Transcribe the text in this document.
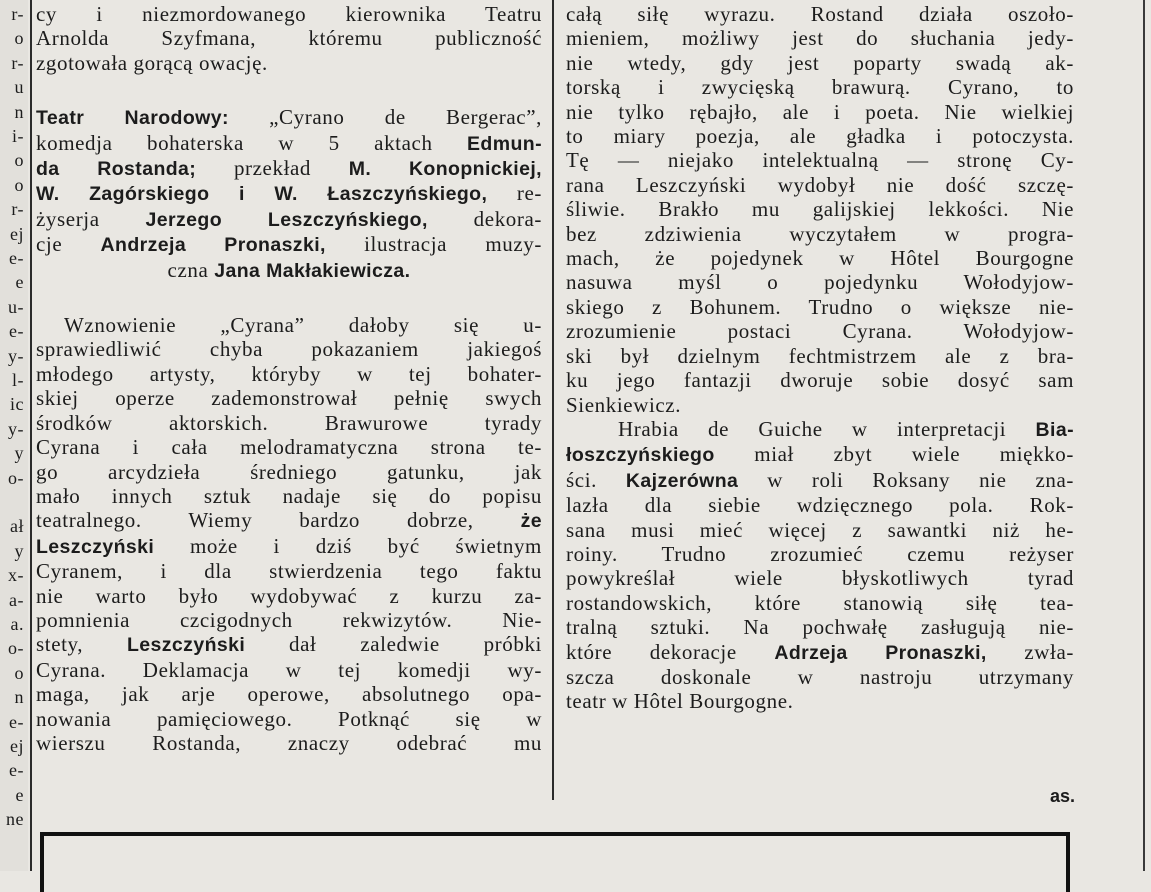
r-
o
r-
u
n
i-
o
o
r-
ej
e-
e
u-
e-
y-
l-
ic
y-
y
o-
ał
y
x-
a-
a.
o-
o
n
e-
ej
e-
e
ne

cy i niezmordowanego kierownika Teatru
Arnolda Szyfmana, któremu publiczność
zgotowała gorącą owację.

Teatr Narodowy: „Cyrano de Bergerac”,
komedja bohaterska w 5 aktach Edmun-
da Rostanda; przekład M. Konopnickiej,
W. Zagórskiego i W. Łaszczyńskiego, re-
żyserja Jerzego Leszczyńskiego, dekora-
cje Andrzeja Pronaszki, ilustracja muzy-
czna Jana Makłakiewicza.

Wznowienie „Cyrana” dałoby się u-
sprawiedliwić chyba pokazaniem jakiegoś
młodego artysty, któryby w tej bohater-
skiej operze zademonstrował pełnię swych
środków aktorskich. Brawurowe tyrady
Cyrana i cała melodramatyczna strona te-
go arcydzieła średniego gatunku, jak
mało innych sztuk nadaje się do popisu
teatralnego. Wiemy bardzo dobrze, że
Leszczyński może i dziś być świetnym
Cyranem, i dla stwierdzenia tego faktu
nie warto było wydobywać z kurzu za-
pomnienia czcigodnych rekwizytów. Nie-
stety, Leszczyński dał zaledwie próbki
Cyrana. Deklamacja w tej komedji wy-
maga, jak arje operowe, absolutnego opa-
nowania pamięciowego. Potknąć się w
wierszu Rostanda, znaczy odebrać mu

całą siłę wyrazu. Rostand działa oszoło-
mieniem, możliwy jest do słuchania jedy-
nie wtedy, gdy jest poparty swadą ak-
torską i zwycięską brawurą. Cyrano, to
nie tylko rębajło, ale i poeta. Nie wielkiej
to miary poezja, ale gładka i potoczysta.
Tę — niejako intelektualną — stronę Cy-
rana Leszczyński wydobył nie dość szczę-
śliwie. Brakło mu galijskiej lekkości. Nie
bez zdziwienia wyczytałem w progra-
mach, że pojedynek w Hôtel Bourgogne
nasuwa myśl o pojedynku Wołodyjow-
skiego z Bohunem. Trudno o większe nie-
zrozumienie postaci Cyrana. Wołodyjow-
ski był dzielnym fechtmistrzem ale z bra-
ku jego fantazji dworuje sobie dosyć sam
Sienkiewicz.

Hrabia de Guiche w interpretacji Bia-
łoszczyńskiego miał zbyt wiele miękko-
ści. Kajzerówna w roli Roksany nie zna-
lazła dla siebie wdzięcznego pola. Rok-
sana musi mieć więcej z sawantki niż he-
roiny. Trudno zrozumieć czemu reżyser
powykreślał wiele błyskotliwych tyrad
rostandowskich, które stanowią siłę tea-
tralną sztuki. Na pochwałę zasługują nie-
które dekoracje Adrzeja Pronaszki, zwła-
szcza doskonale w nastroju utrzymany
teatr w Hôtel Bourgogne.

as.
